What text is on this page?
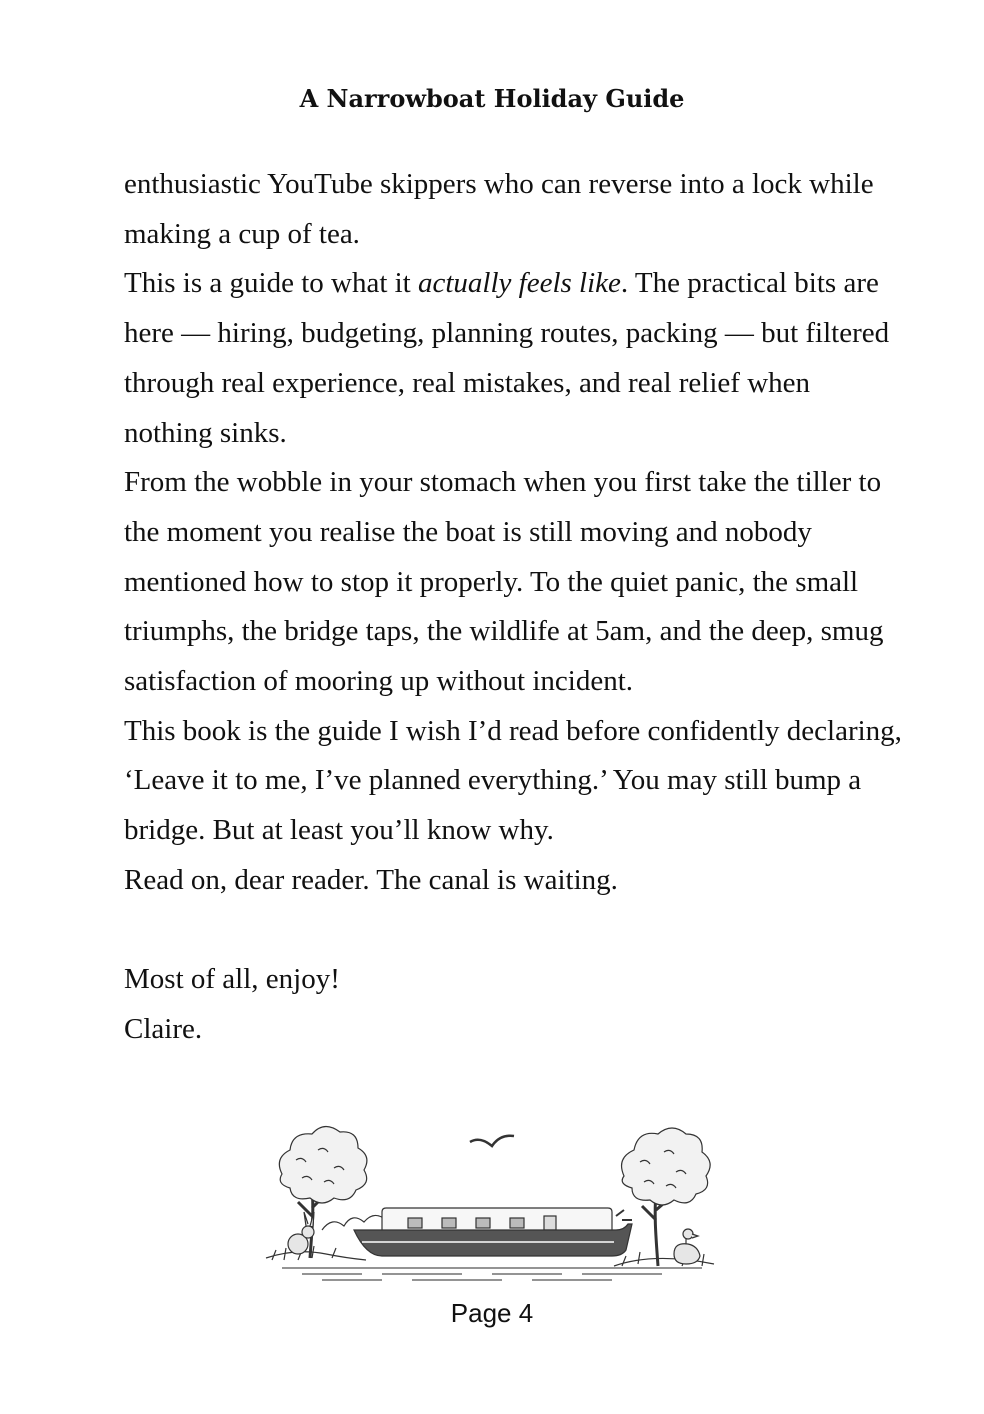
A Narrowboat Holiday Guide

enthusiastic YouTube skippers who can reverse into a lock while making a cup of tea.

This is a guide to what it actually feels like. The practical bits are here — hiring, budgeting, planning routes, packing — but filtered through real experience, real mistakes, and real relief when nothing sinks.

From the wobble in your stomach when you first take the tiller to the moment you realise the boat is still moving and nobody mentioned how to stop it properly. To the quiet panic, the small triumphs, the bridge taps, the wildlife at 5am, and the deep, smug satisfaction of mooring up without incident.

This book is the guide I wish I’d read before confidently declaring, ‘Leave it to me, I’ve planned everything.’ You may still bump a bridge. But at least you’ll know why.

Read on, dear reader. The canal is waiting.

Most of all, enjoy!

Claire.

Page 4
